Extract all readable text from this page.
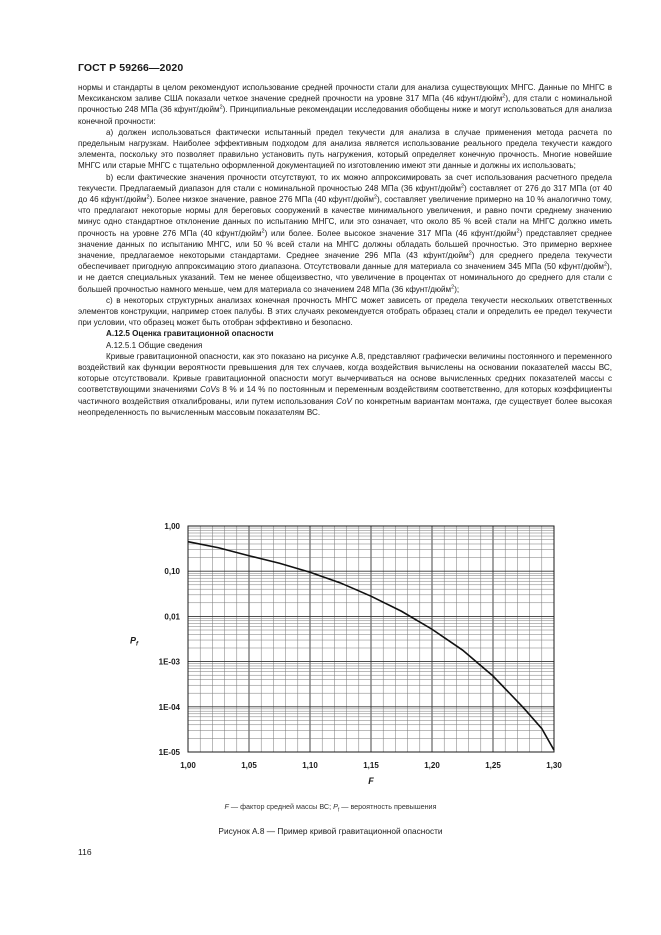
ГОСТ Р 59266—2020

нормы и стандарты в целом рекомендуют использование средней прочности стали для анализа существующих МНГС. Данные по МНГС в Мексиканском заливе США показали четкое значение средней прочности на уровне 317 МПа (46 кфунт/дюйм$^2$), для стали с номинальной прочностью 248 МПа (36 кфунт/дюйм$^2$). Принципиальные рекомендации исследования обобщены ниже и могут использоваться для анализа конечной прочности:

a) должен использоваться фактически испытанный предел текучести для анализа в случае применения метода расчета по предельным нагрузкам. Наиболее эффективным подходом для анализа является использование реального предела текучести каждого элемента, поскольку это позволяет правильно установить путь нагружения, который определяет конечную прочность. Многие новейшие МНГС или старые МНГС с тщательно оформленной документацией по изготовлению имеют эти данные и должны их использовать;

b) если фактические значения прочности отсутствуют, то их можно аппроксимировать за счет использования расчетного предела текучести. Предлагаемый диапазон для стали с номинальной прочностью 248 МПа (36 кфунт/дюйм$^2$) составляет от 276 до 317 МПа (от 40 до 46 кфунт/дюйм$^2$). Более низкое значение, равное 276 МПа (40 кфунт/дюйм$^2$), составляет увеличение примерно на 10 % аналогично тому, что предлагают некоторые нормы для береговых сооружений в качестве минимального увеличения, и равно почти среднему значению минус одно стандартное отклонение данных по испытанию МНГС, или это означает, что около 85 % всей стали на МНГС должно иметь прочность на уровне 276 МПа (40 кфунт/дюйм$^2$) или более. Более высокое значение 317 МПа (46 кфунт/дюйм$^2$) представляет среднее значение данных по испытанию МНГС, или 50 % всей стали на МНГС должны обладать большей прочностью. Это примерно верхнее значение, предлагаемое некоторыми стандартами. Среднее значение 296 МПа (43 кфунт/дюйм$^2$) для среднего предела текучести обеспечивает пригодную аппроксимацию этого диапазона. Отсутствовали данные для материала со значением 345 МПа (50 кфунт/дюйм$^2$), и не дается специальных указаний. Тем не менее общеизвестно, что увеличение в процентах от номинального до среднего для стали с большей прочностью намного меньше, чем для материала со значением 248 МПа (36 кфунт/дюйм$^2$);

c) в некоторых структурных анализах конечная прочность МНГС может зависеть от предела текучести нескольких ответственных элементов конструкции, например стоек палубы. В этих случаях рекомендуется отобрать образец стали и определить ее предел текучести при условии, что образец может быть отобран эффективно и безопасно.

A.12.5 Оценка гравитационной опасности

A.12.5.1 Общие сведения

Кривые гравитационной опасности, как это показано на рисунке A.8, представляют графически величины постоянного и переменного воздействий как функции вероятности превышения для тех случаев, когда воздействия вычислены на основании показателей массы ВС, которые отсутствовали. Кривые гравитационной опасности могут вычерчиваться на основе вычисленных средних показателей массы с соответствующими значениями CoVs 8 % и 14 % по постоянным и переменным воздействиям соответственно, для которых коэффициенты частичного воздействия откалиброваны, или путем использования CoV по конкретным вариантам монтажа, где существует более высокая неопределенность по вычисленным массовым показателям ВС.

1,00
0,10
0,01
1E-03
1E-04
1E-05
1,00	1,05	1,10	1,15	1,20	1,25	1,30
$P_f$
F
F — фактор средней массы ВС; $P_f$ — вероятность превышения
Рисунок A.8 — Пример кривой гравитационной опасности
116
